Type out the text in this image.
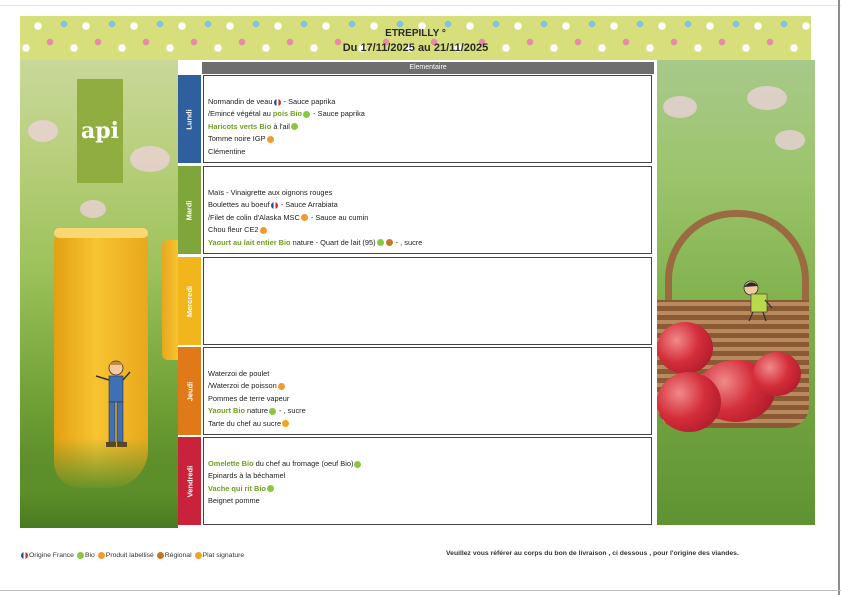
ETREPILLY °
Du 17/11/2025 au 21/11/2025
api
Elementaire
Lundi
Normandin de veau - Sauce paprika
/Emincé végétal au pois Bio - Sauce paprika
Haricots verts Bio à l'ail
Tomme noire IGP
Clémentine
Mardi
Maïs - Vinaigrette aux oignons rouges
Boulettes au boeuf - Sauce Arrabiata
/Filet de colin d'Alaska MSC - Sauce au cumin
Chou fleur CE2
Yaourt au lait entier Bio nature - Quart de lait (95) - , sucre
Mercredi
Jeudi
Waterzoi de poulet
/Waterzoi de poisson
Pommes de terre vapeur
Yaourt Bio nature - , sucre
Tarte du chef au sucre
Vendredi
Omelette Bio du chef au fromage (oeuf Bio)
Epinards à la béchamel
Vache qui rit Bio
Beignet pomme
Origine France Bio Produit labellisé Régional Plat signature	Veuillez vous référer au corps du bon de livraison , ci dessous , pour l'origine des viandes.
